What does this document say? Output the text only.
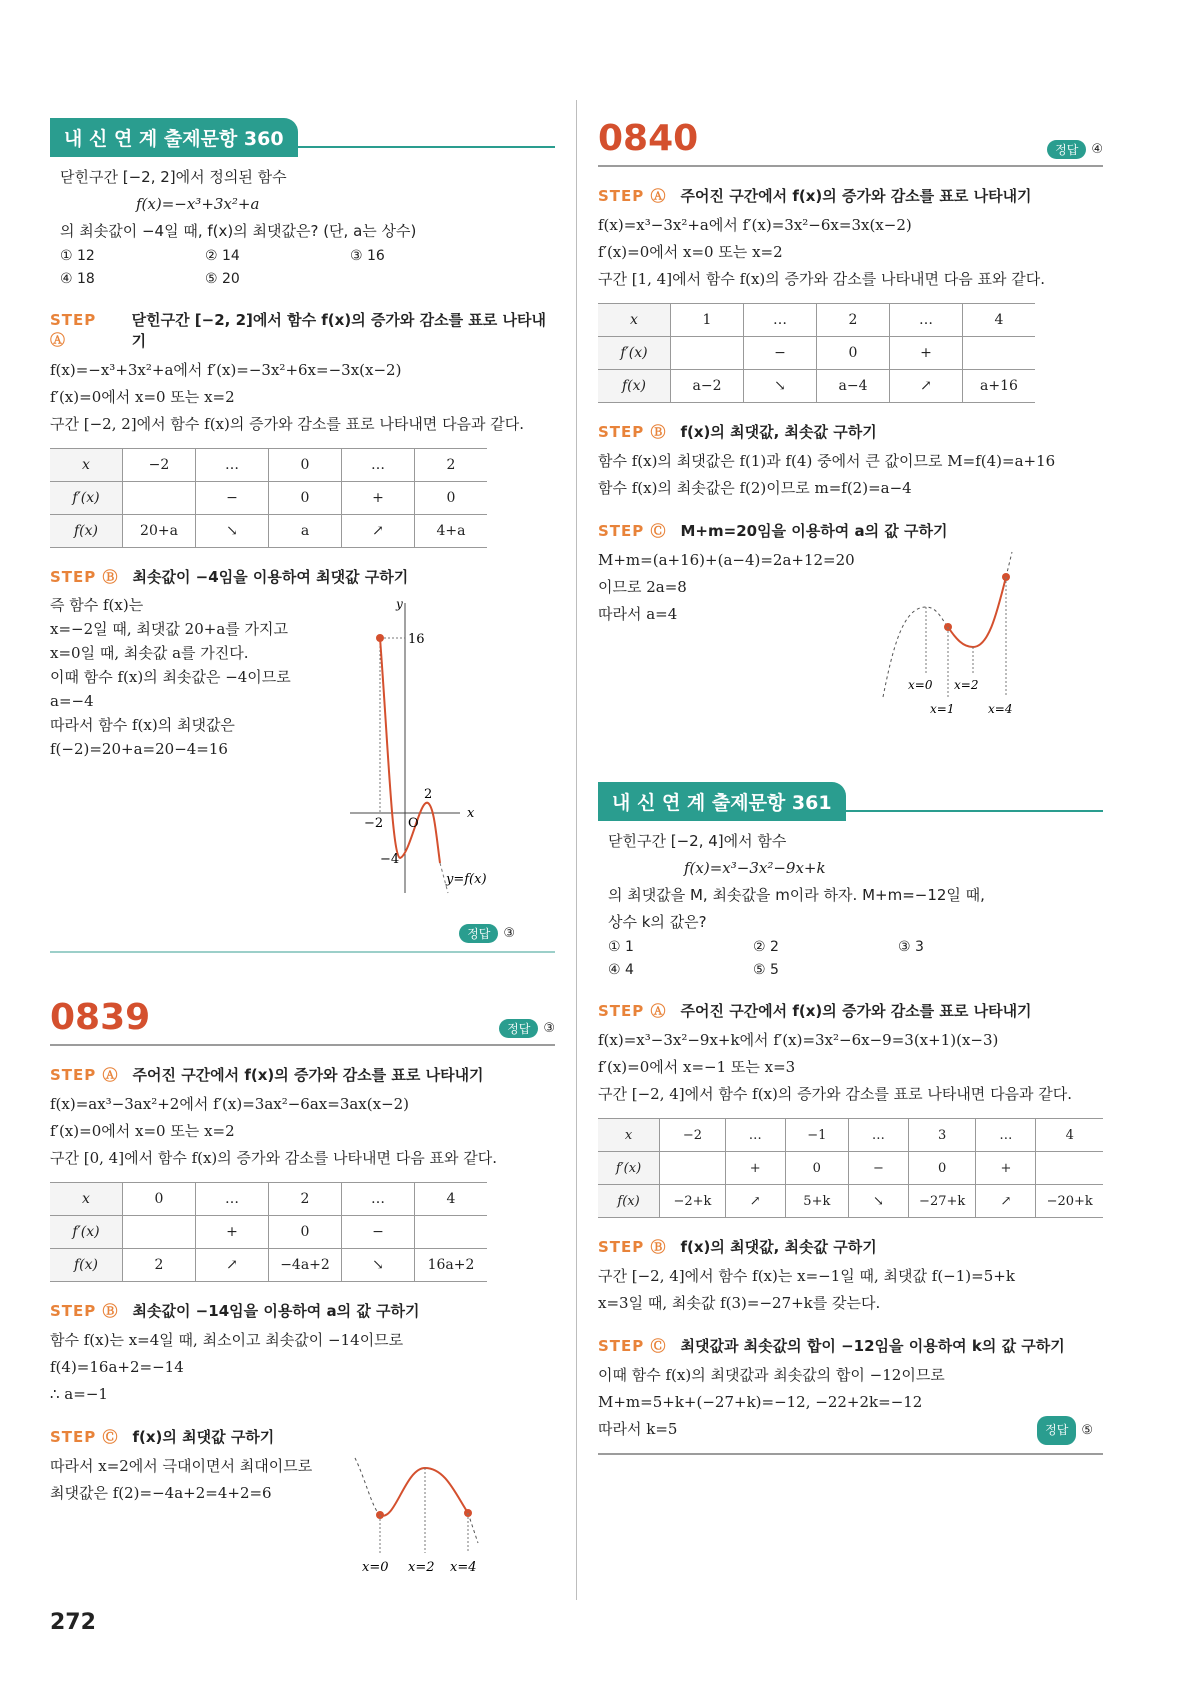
내 신 연 계 출제문항 360
닫힌구간 [−2, 2]에서 정의된 함수
f(x)=−x³+3x²+a
의 최솟값이 −4일 때, f(x)의 최댓값은? (단, a는 상수)
① 12	② 14	③ 16
④ 18	⑤ 20
STEP Ⓐ
닫힌구간 [−2, 2]에서 함수 f(x)의 증가와 감소를 표로 나타내기
f(x)=−x³+3x²+a에서 f′(x)=−3x²+6x=−3x(x−2)
f′(x)=0에서 x=0 또는 x=2
구간 [−2, 2]에서 함수 f(x)의 증가와 감소를 표로 나타내면 다음과 같다.
x	−2	…	0	…	2
f′(x)		−	0	+	0
f(x)	20+a	↘	a	↗	4+a
STEP Ⓑ 최솟값이 −4임을 이용하여 최댓값 구하기
즉 함수 f(x)는
x=−2일 때, 최댓값 20+a를 가지고
x=0일 때, 최솟값 a를 가진다.
이때 함수 f(x)의 최솟값은 −4이므로
a=−4
따라서 함수 f(x)의 최댓값은
f(−2)=20+a=20−4=16
y
x
16
−2 O
2
−4
y=f(x)
정답	③
0839	정답	③
STEP Ⓐ 주어진 구간에서 f(x)의 증가와 감소를 표로 나타내기
f(x)=ax³−3ax²+2에서 f′(x)=3ax²−6ax=3ax(x−2)
f′(x)=0에서 x=0 또는 x=2
구간 [0, 4]에서 함수 f(x)의 증가와 감소를 나타내면 다음 표와 같다.
x	0	…	2	…	4
f′(x)		+	0	−	
f(x)	2	↗	−4a+2	↘	16a+2
STEP Ⓑ 최솟값이 −14임을 이용하여 a의 값 구하기
함수 f(x)는 x=4일 때, 최소이고 최솟값이 −14이므로
f(4)=16a+2=−14
∴ a=−1
STEP Ⓒ f(x)의 최댓값 구하기
따라서 x=2에서 극대이면서 최대이므로
최댓값은 f(2)=−4a+2=4+2=6
x=0 x=2 x=4
0840	정답	④
STEP Ⓐ 주어진 구간에서 f(x)의 증가와 감소를 표로 나타내기
f(x)=x³−3x²+a에서 f′(x)=3x²−6x=3x(x−2)
f′(x)=0에서 x=0 또는 x=2
구간 [1, 4]에서 함수 f(x)의 증가와 감소를 나타내면 다음 표와 같다.
x	1	…	2	…	4
f′(x)		−	0	+	
f(x)	a−2	↘	a−4	↗	a+16
STEP Ⓑ f(x)의 최댓값, 최솟값 구하기
함수 f(x)의 최댓값은 f(1)과 f(4) 중에서 큰 값이므로 M=f(4)=a+16
함수 f(x)의 최솟값은 f(2)이므로 m=f(2)=a−4
STEP Ⓒ M+m=20임을 이용하여 a의 값 구하기
M+m=(a+16)+(a−4)=2a+12=20
이므로 2a=8
따라서 a=4
x=0 x=2
x=1	x=4
내 신 연 계 출제문항 361
닫힌구간 [−2, 4]에서 함수
f(x)=x³−3x²−9x+k
의 최댓값을 M, 최솟값을 m이라 하자. M+m=−12일 때,
상수 k의 값은?
① 1	② 2	③ 3
④ 4	⑤ 5
STEP Ⓐ 주어진 구간에서 f(x)의 증가와 감소를 표로 나타내기
f(x)=x³−3x²−9x+k에서 f′(x)=3x²−6x−9=3(x+1)(x−3)
f′(x)=0에서 x=−1 또는 x=3
구간 [−2, 4]에서 함수 f(x)의 증가와 감소를 표로 나타내면 다음과 같다.
x	−2	…	−1	…	3	…	4
f′(x)		+	0	−	0	+	
f(x)	−2+k	↗	5+k	↘	−27+k	↗	−20+k
STEP Ⓑ f(x)의 최댓값, 최솟값 구하기
구간 [−2, 4]에서 함수 f(x)는 x=−1일 때, 최댓값 f(−1)=5+k
x=3일 때, 최솟값 f(3)=−27+k를 갖는다.
STEP Ⓒ 최댓값과 최솟값의 합이 −12임을 이용하여 k의 값 구하기
이때 함수 f(x)의 최댓값과 최솟값의 합이 −12이므로
M+m=5+k+(−27+k)=−12, −22+2k=−12
따라서 k=5	정답	⑤
272
